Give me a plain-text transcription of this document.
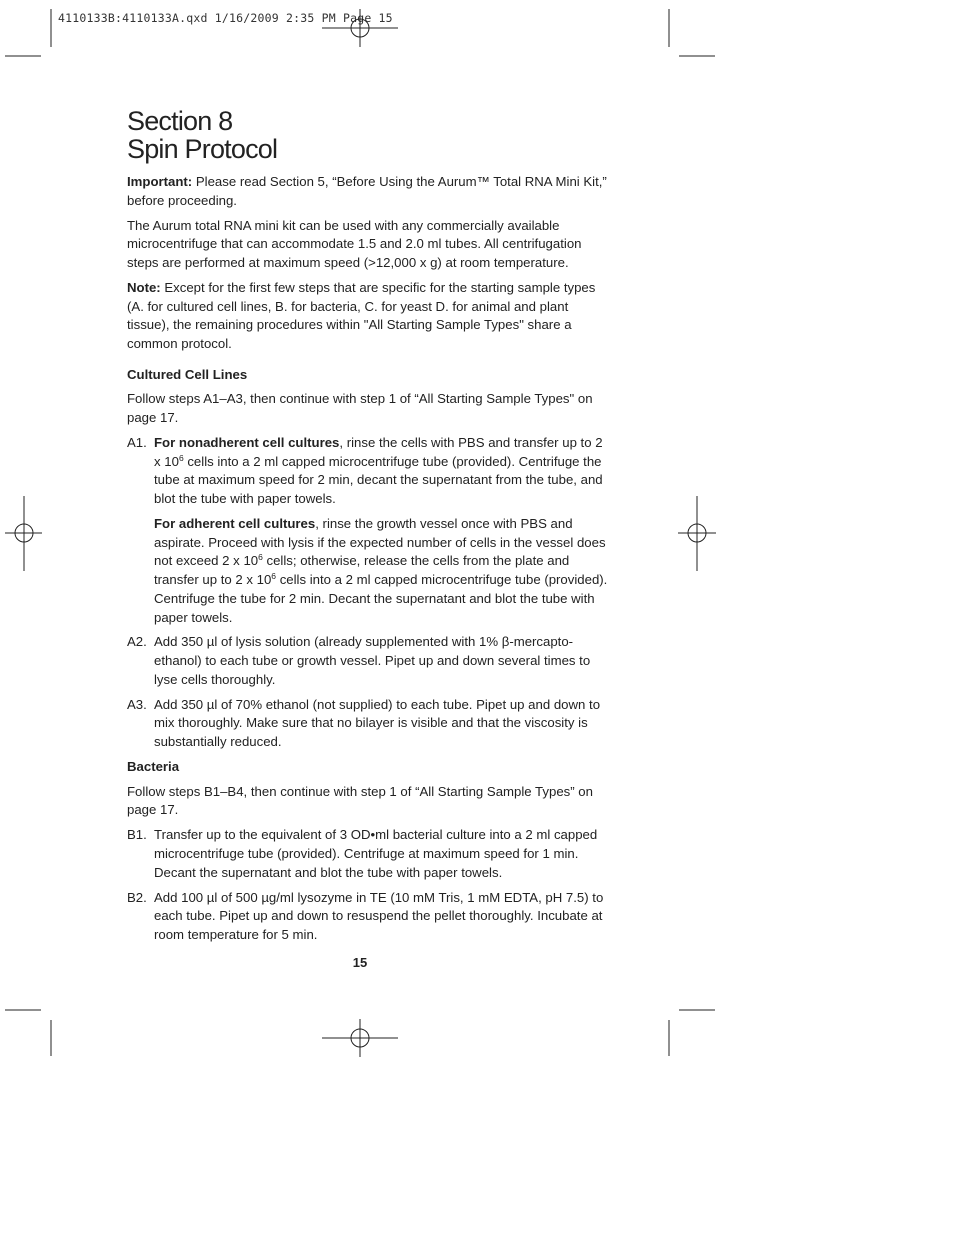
4110133B:4110133A.qxd 1/16/2009 2:35 PM Page 15
Section 8
Spin Protocol

Important: Please read Section 5, “Before Using the Aurum™ Total RNA Mini Kit,” before proceeding.

The Aurum total RNA mini kit can be used with any commercially available microcentrifuge that can accommodate 1.5 and 2.0 ml tubes. All centrifugation steps are performed at maximum speed (>12,000 x g) at room temperature.

Note: Except for the first few steps that are specific for the starting sample types (A. for cultured cell lines, B. for bacteria, C. for yeast D. for animal and plant tissue), the remaining procedures within "All Starting Sample Types" share a common protocol.

Cultured Cell Lines

Follow steps A1–A3, then continue with step 1 of “All Starting Sample Types" on page 17.

A1. For nonadherent cell cultures, rinse the cells with PBS and transfer up to 2 x $10^6$ cells into a 2 ml capped microcentrifuge tube (provided). Centrifuge the tube at maximum speed for 2 min, decant the supernatant from the tube, and blot the tube with paper towels.

For adherent cell cultures, rinse the growth vessel once with PBS and aspirate. Proceed with lysis if the expected number of cells in the vessel does not exceed 2 x $10^6$ cells; otherwise, release the cells from the plate and transfer up to 2 x $10^6$ cells into a 2 ml capped microcentrifuge tube (provided). Centrifuge the tube for 2 min. Decant the supernatant and blot the tube with paper towels.

A2. Add 350 µl of lysis solution (already supplemented with 1% β-mercapto-ethanol) to each tube or growth vessel. Pipet up and down several times to lyse cells thoroughly.

A3. Add 350 µl of 70% ethanol (not supplied) to each tube. Pipet up and down to mix thoroughly. Make sure that no bilayer is visible and that the viscosity is substantially reduced.

Bacteria

Follow steps B1–B4, then continue with step 1 of “All Starting Sample Types” on page 17.

B1. Transfer up to the equivalent of 3 OD•ml bacterial culture into a 2 ml capped microcentrifuge tube (provided). Centrifuge at maximum speed for 1 min. Decant the supernatant and blot the tube with paper towels.

B2. Add 100 µl of 500 µg/ml lysozyme in TE (10 mM Tris, 1 mM EDTA, pH 7.5) to each tube. Pipet up and down to resuspend the pellet thoroughly. Incubate at room temperature for 5 min.

15
